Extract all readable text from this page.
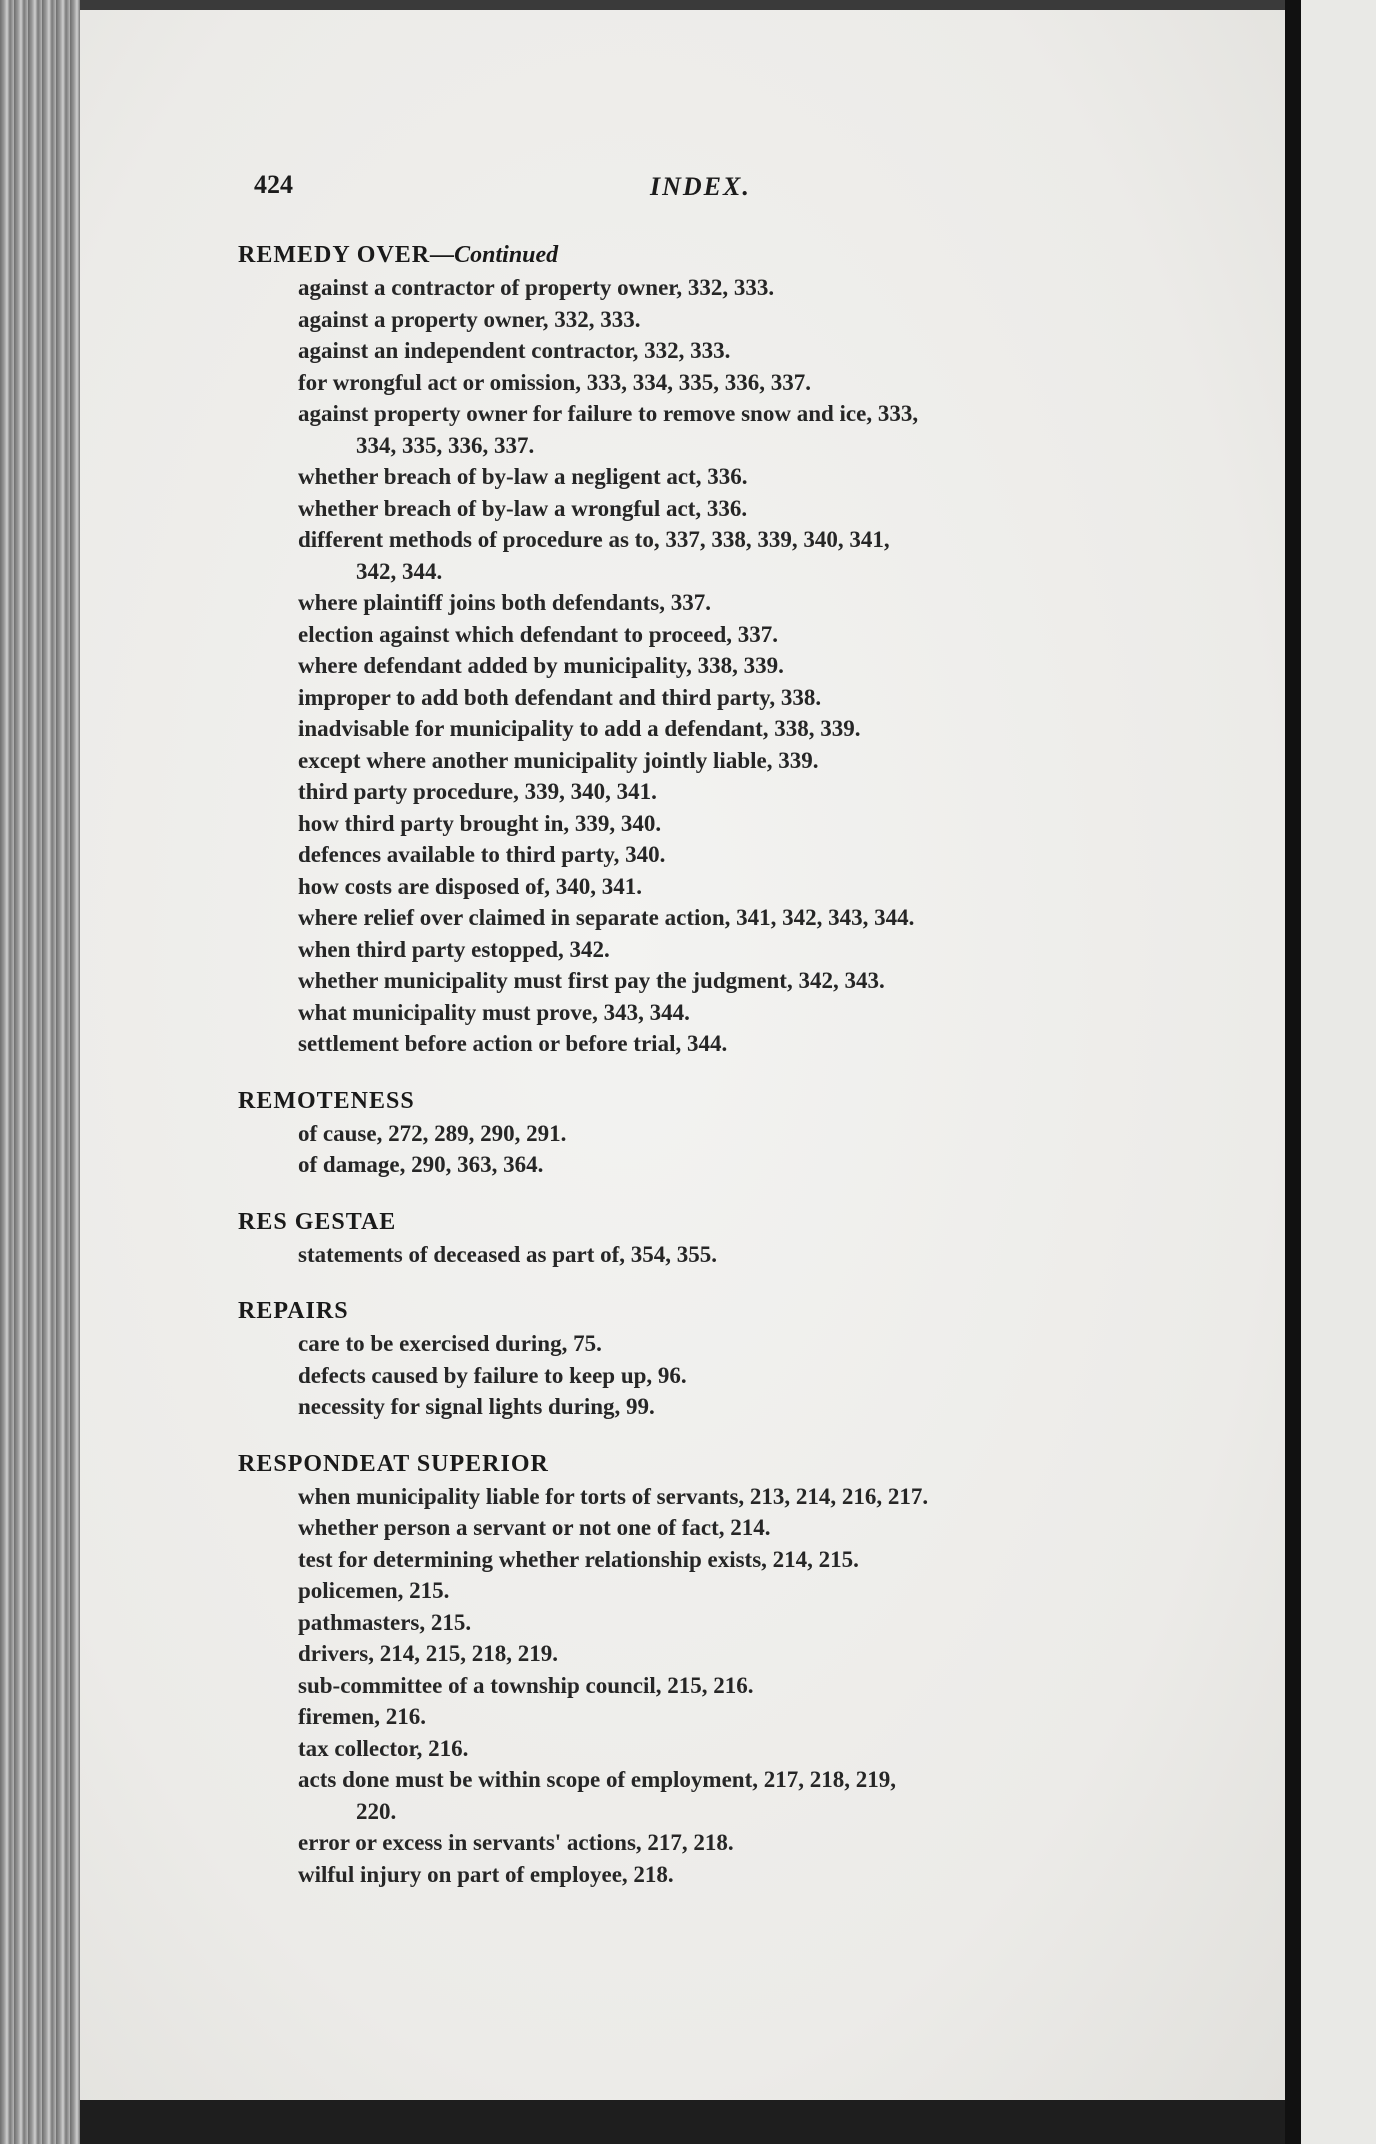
424	INDEX.
REMEDY OVER—Continued
against a contractor of property owner, 332, 333.
against a property owner, 332, 333.
against an independent contractor, 332, 333.
for wrongful act or omission, 333, 334, 335, 336, 337.
against property owner for failure to remove snow and ice, 333,
334, 335, 336, 337.
whether breach of by-law a negligent act, 336.
whether breach of by-law a wrongful act, 336.
different methods of procedure as to, 337, 338, 339, 340, 341,
342, 344.
where plaintiff joins both defendants, 337.
election against which defendant to proceed, 337.
where defendant added by municipality, 338, 339.
improper to add both defendant and third party, 338.
inadvisable for municipality to add a defendant, 338, 339.
except where another municipality jointly liable, 339.
third party procedure, 339, 340, 341.
how third party brought in, 339, 340.
defences available to third party, 340.
how costs are disposed of, 340, 341.
where relief over claimed in separate action, 341, 342, 343, 344.
when third party estopped, 342.
whether municipality must first pay the judgment, 342, 343.
what municipality must prove, 343, 344.
settlement before action or before trial, 344.
REMOTENESS
of cause, 272, 289, 290, 291.
of damage, 290, 363, 364.
RES GESTAE
statements of deceased as part of, 354, 355.
REPAIRS
care to be exercised during, 75.
defects caused by failure to keep up, 96.
necessity for signal lights during, 99.
RESPONDEAT SUPERIOR
when municipality liable for torts of servants, 213, 214, 216, 217.
whether person a servant or not one of fact, 214.
test for determining whether relationship exists, 214, 215.
policemen, 215.
pathmasters, 215.
drivers, 214, 215, 218, 219.
sub-committee of a township council, 215, 216.
firemen, 216.
tax collector, 216.
acts done must be within scope of employment, 217, 218, 219,
220.
error or excess in servants' actions, 217, 218.
wilful injury on part of employee, 218.
